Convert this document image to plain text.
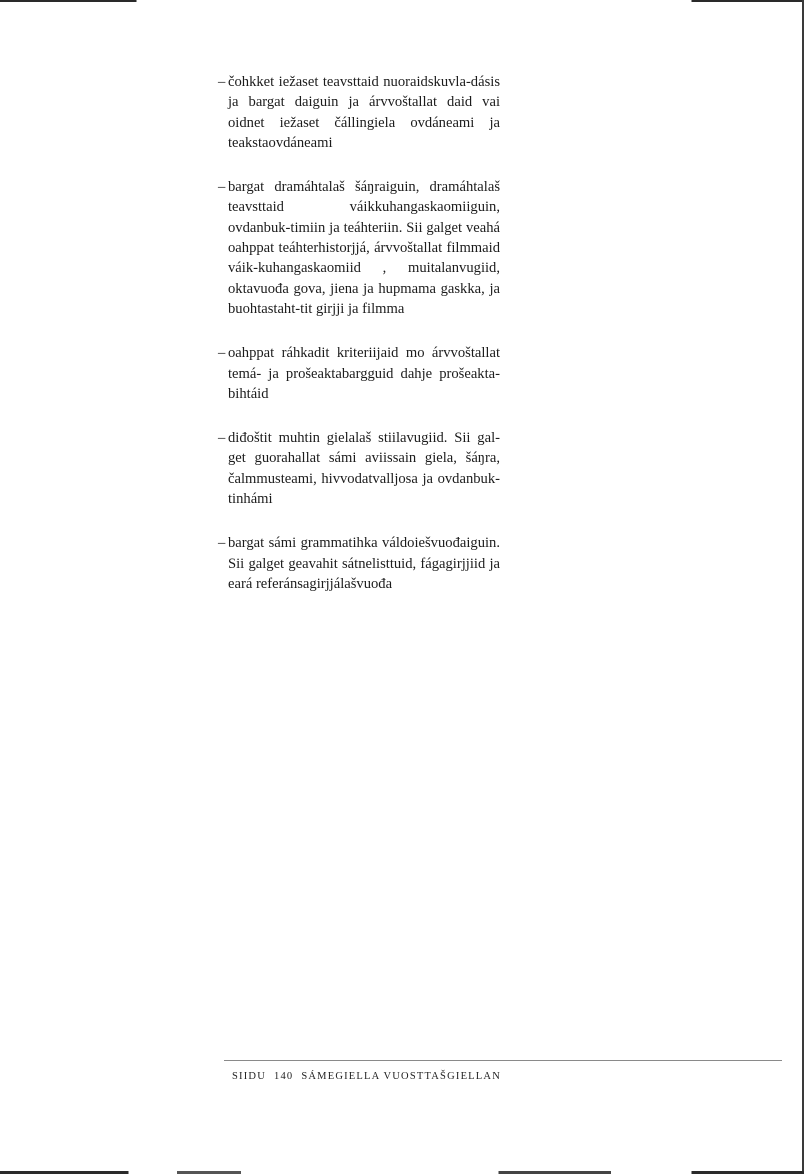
– čohkket iežaset teavsttaid nuoraidskuvla-dásis ja bargat daiguin ja árvvoštallat daid vai oidnet iežaset čállingiela ovdáneami ja teakstaovdáneami

– bargat dramáhtalaš šáŋraiguin, dramáhtalaš teavsttaid váikkuhangaskaomiiguin, ovdanbuk-timiin ja teáhteriin. Sii galget veahá oahppat teáhterhistorjjá, árvvoštallat filmmaid váik-kuhangaskaomiid , muitalanvugiid, oktavuođa gova, jiena ja hupmama gaskka, ja buohtastaht-tit girjji ja filmma

– oahppat ráhkadit kriteriijaid mo árvvoštallat temá- ja prošeaktabargguid dahje prošeakta-bihtáid

– diđoštit muhtin gielalaš stiilavugiid. Sii gal-get guorahallat sámi aviissain giela, šáŋra, čalmmusteami, hivvodatvalljosa ja ovdanbuk-tinhámi

– bargat sámi grammatihka váldoiešvuođaiguin. Sii galget geavahit sátnelisttuid, fágagirjjiid ja eará referánsagirjjálašvuođa

SIIDU 140 SÁMEGIELLA VUOSTTAŠGIELLAN
